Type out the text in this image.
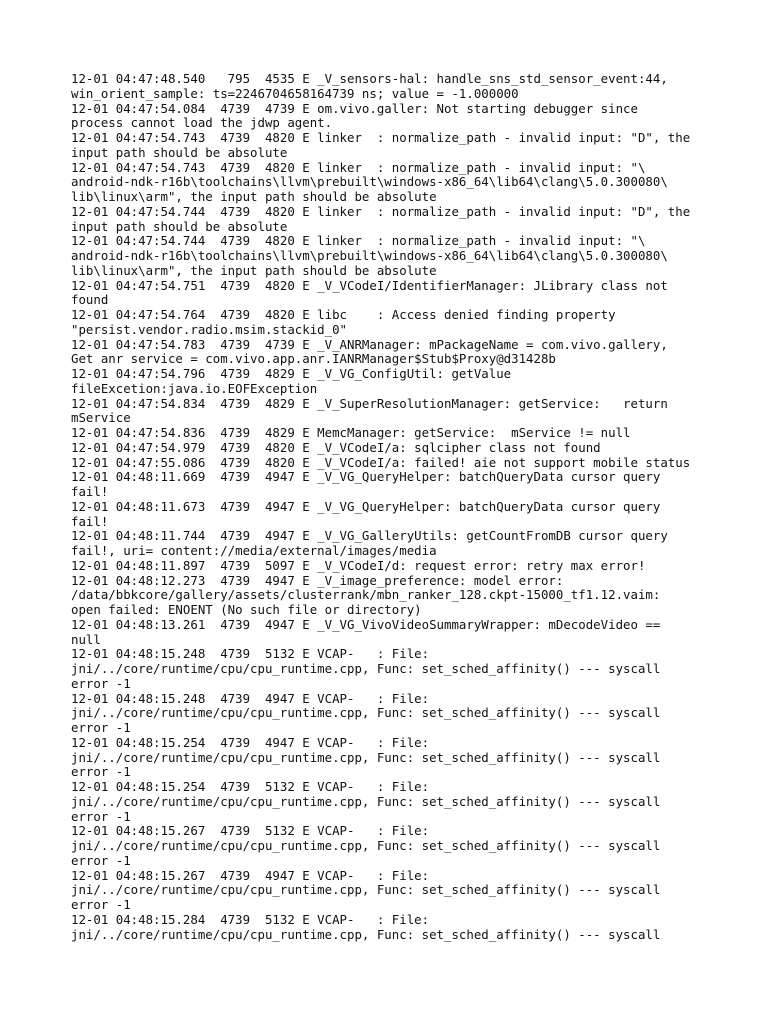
12-01 04:47:48.540   795  4535 E _V_sensors-hal: handle_sns_std_sensor_event:44,
win_orient_sample: ts=2246704658164739 ns; value = -1.000000
12-01 04:47:54.084  4739  4739 E om.vivo.galler: Not starting debugger since
process cannot load the jdwp agent.
12-01 04:47:54.743  4739  4820 E linker  : normalize_path - invalid input: "D", the
input path should be absolute
12-01 04:47:54.743  4739  4820 E linker  : normalize_path - invalid input: "\
android-ndk-r16b\toolchains\llvm\prebuilt\windows-x86_64\lib64\clang\5.0.300080\
lib\linux\arm", the input path should be absolute
12-01 04:47:54.744  4739  4820 E linker  : normalize_path - invalid input: "D", the
input path should be absolute
12-01 04:47:54.744  4739  4820 E linker  : normalize_path - invalid input: "\
android-ndk-r16b\toolchains\llvm\prebuilt\windows-x86_64\lib64\clang\5.0.300080\
lib\linux\arm", the input path should be absolute
12-01 04:47:54.751  4739  4820 E _V_VCodeI/IdentifierManager: JLibrary class not
found
12-01 04:47:54.764  4739  4820 E libc    : Access denied finding property
"persist.vendor.radio.msim.stackid_0"
12-01 04:47:54.783  4739  4739 E _V_ANRManager: mPackageName = com.vivo.gallery,
Get anr service = com.vivo.app.anr.IANRManager$Stub$Proxy@d31428b
12-01 04:47:54.796  4739  4829 E _V_VG_ConfigUtil: getValue
fileExcetion:java.io.EOFException
12-01 04:47:54.834  4739  4829 E _V_SuperResolutionManager: getService:   return
mService
12-01 04:47:54.836  4739  4829 E MemcManager: getService:  mService != null
12-01 04:47:54.979  4739  4820 E _V_VCodeI/a: sqlcipher class not found
12-01 04:47:55.086  4739  4820 E _V_VCodeI/a: failed! aie not support mobile status
12-01 04:48:11.669  4739  4947 E _V_VG_QueryHelper: batchQueryData cursor query
fail!
12-01 04:48:11.673  4739  4947 E _V_VG_QueryHelper: batchQueryData cursor query
fail!
12-01 04:48:11.744  4739  4947 E _V_VG_GalleryUtils: getCountFromDB cursor query
fail!, uri= content://media/external/images/media
12-01 04:48:11.897  4739  5097 E _V_VCodeI/d: request error: retry max error!
12-01 04:48:12.273  4739  4947 E _V_image_preference: model error:
/data/bbkcore/gallery/assets/clusterrank/mbn_ranker_128.ckpt-15000_tf1.12.vaim:
open failed: ENOENT (No such file or directory)
12-01 04:48:13.261  4739  4947 E _V_VG_VivoVideoSummaryWrapper: mDecodeVideo ==
null
12-01 04:48:15.248  4739  5132 E VCAP-   : File:
jni/../core/runtime/cpu/cpu_runtime.cpp, Func: set_sched_affinity() --- syscall
error -1
12-01 04:48:15.248  4739  4947 E VCAP-   : File:
jni/../core/runtime/cpu/cpu_runtime.cpp, Func: set_sched_affinity() --- syscall
error -1
12-01 04:48:15.254  4739  4947 E VCAP-   : File:
jni/../core/runtime/cpu/cpu_runtime.cpp, Func: set_sched_affinity() --- syscall
error -1
12-01 04:48:15.254  4739  5132 E VCAP-   : File:
jni/../core/runtime/cpu/cpu_runtime.cpp, Func: set_sched_affinity() --- syscall
error -1
12-01 04:48:15.267  4739  5132 E VCAP-   : File:
jni/../core/runtime/cpu/cpu_runtime.cpp, Func: set_sched_affinity() --- syscall
error -1
12-01 04:48:15.267  4739  4947 E VCAP-   : File:
jni/../core/runtime/cpu/cpu_runtime.cpp, Func: set_sched_affinity() --- syscall
error -1
12-01 04:48:15.284  4739  5132 E VCAP-   : File:
jni/../core/runtime/cpu/cpu_runtime.cpp, Func: set_sched_affinity() --- syscall
